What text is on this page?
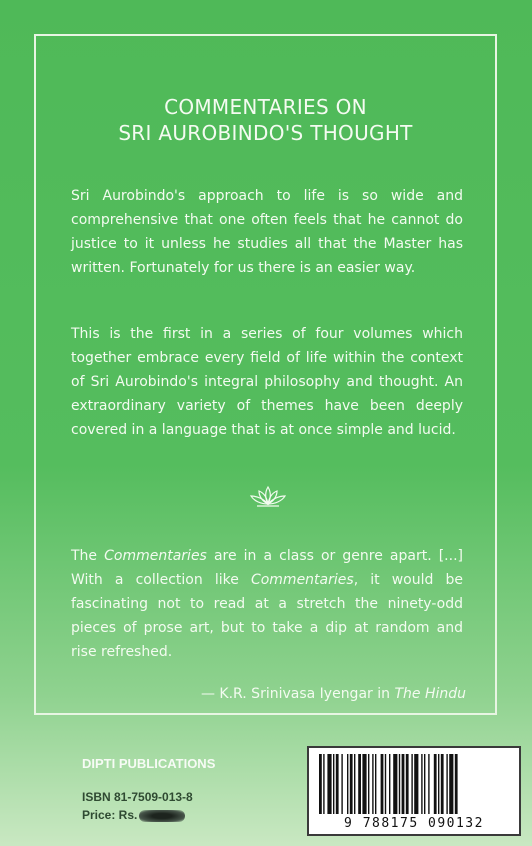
COMMENTARIES ON
SRI AUROBINDO'S THOUGHT
Sri Aurobindo's approach to life is so wide and comprehensive that one often feels that he cannot do justice to it unless he studies all that the Master has written. Fortunately for us there is an easier way.
This is the first in a series of four volumes which together embrace every field of life within the context of Sri Aurobindo's integral philosophy and thought. An extraordinary variety of themes have been deeply covered in a language that is at once simple and lucid.
The Commentaries are in a class or genre apart. [...] With a collection like Commentaries, it would be fascinating not to read at a stretch the ninety-odd pieces of prose art, but to take a dip at random and rise refreshed.
— K.R. Srinivasa Iyengar in The Hindu
DIPTI PUBLICATIONS
ISBN 81-7509-013-8
Price: Rs.
9 788175 090132
